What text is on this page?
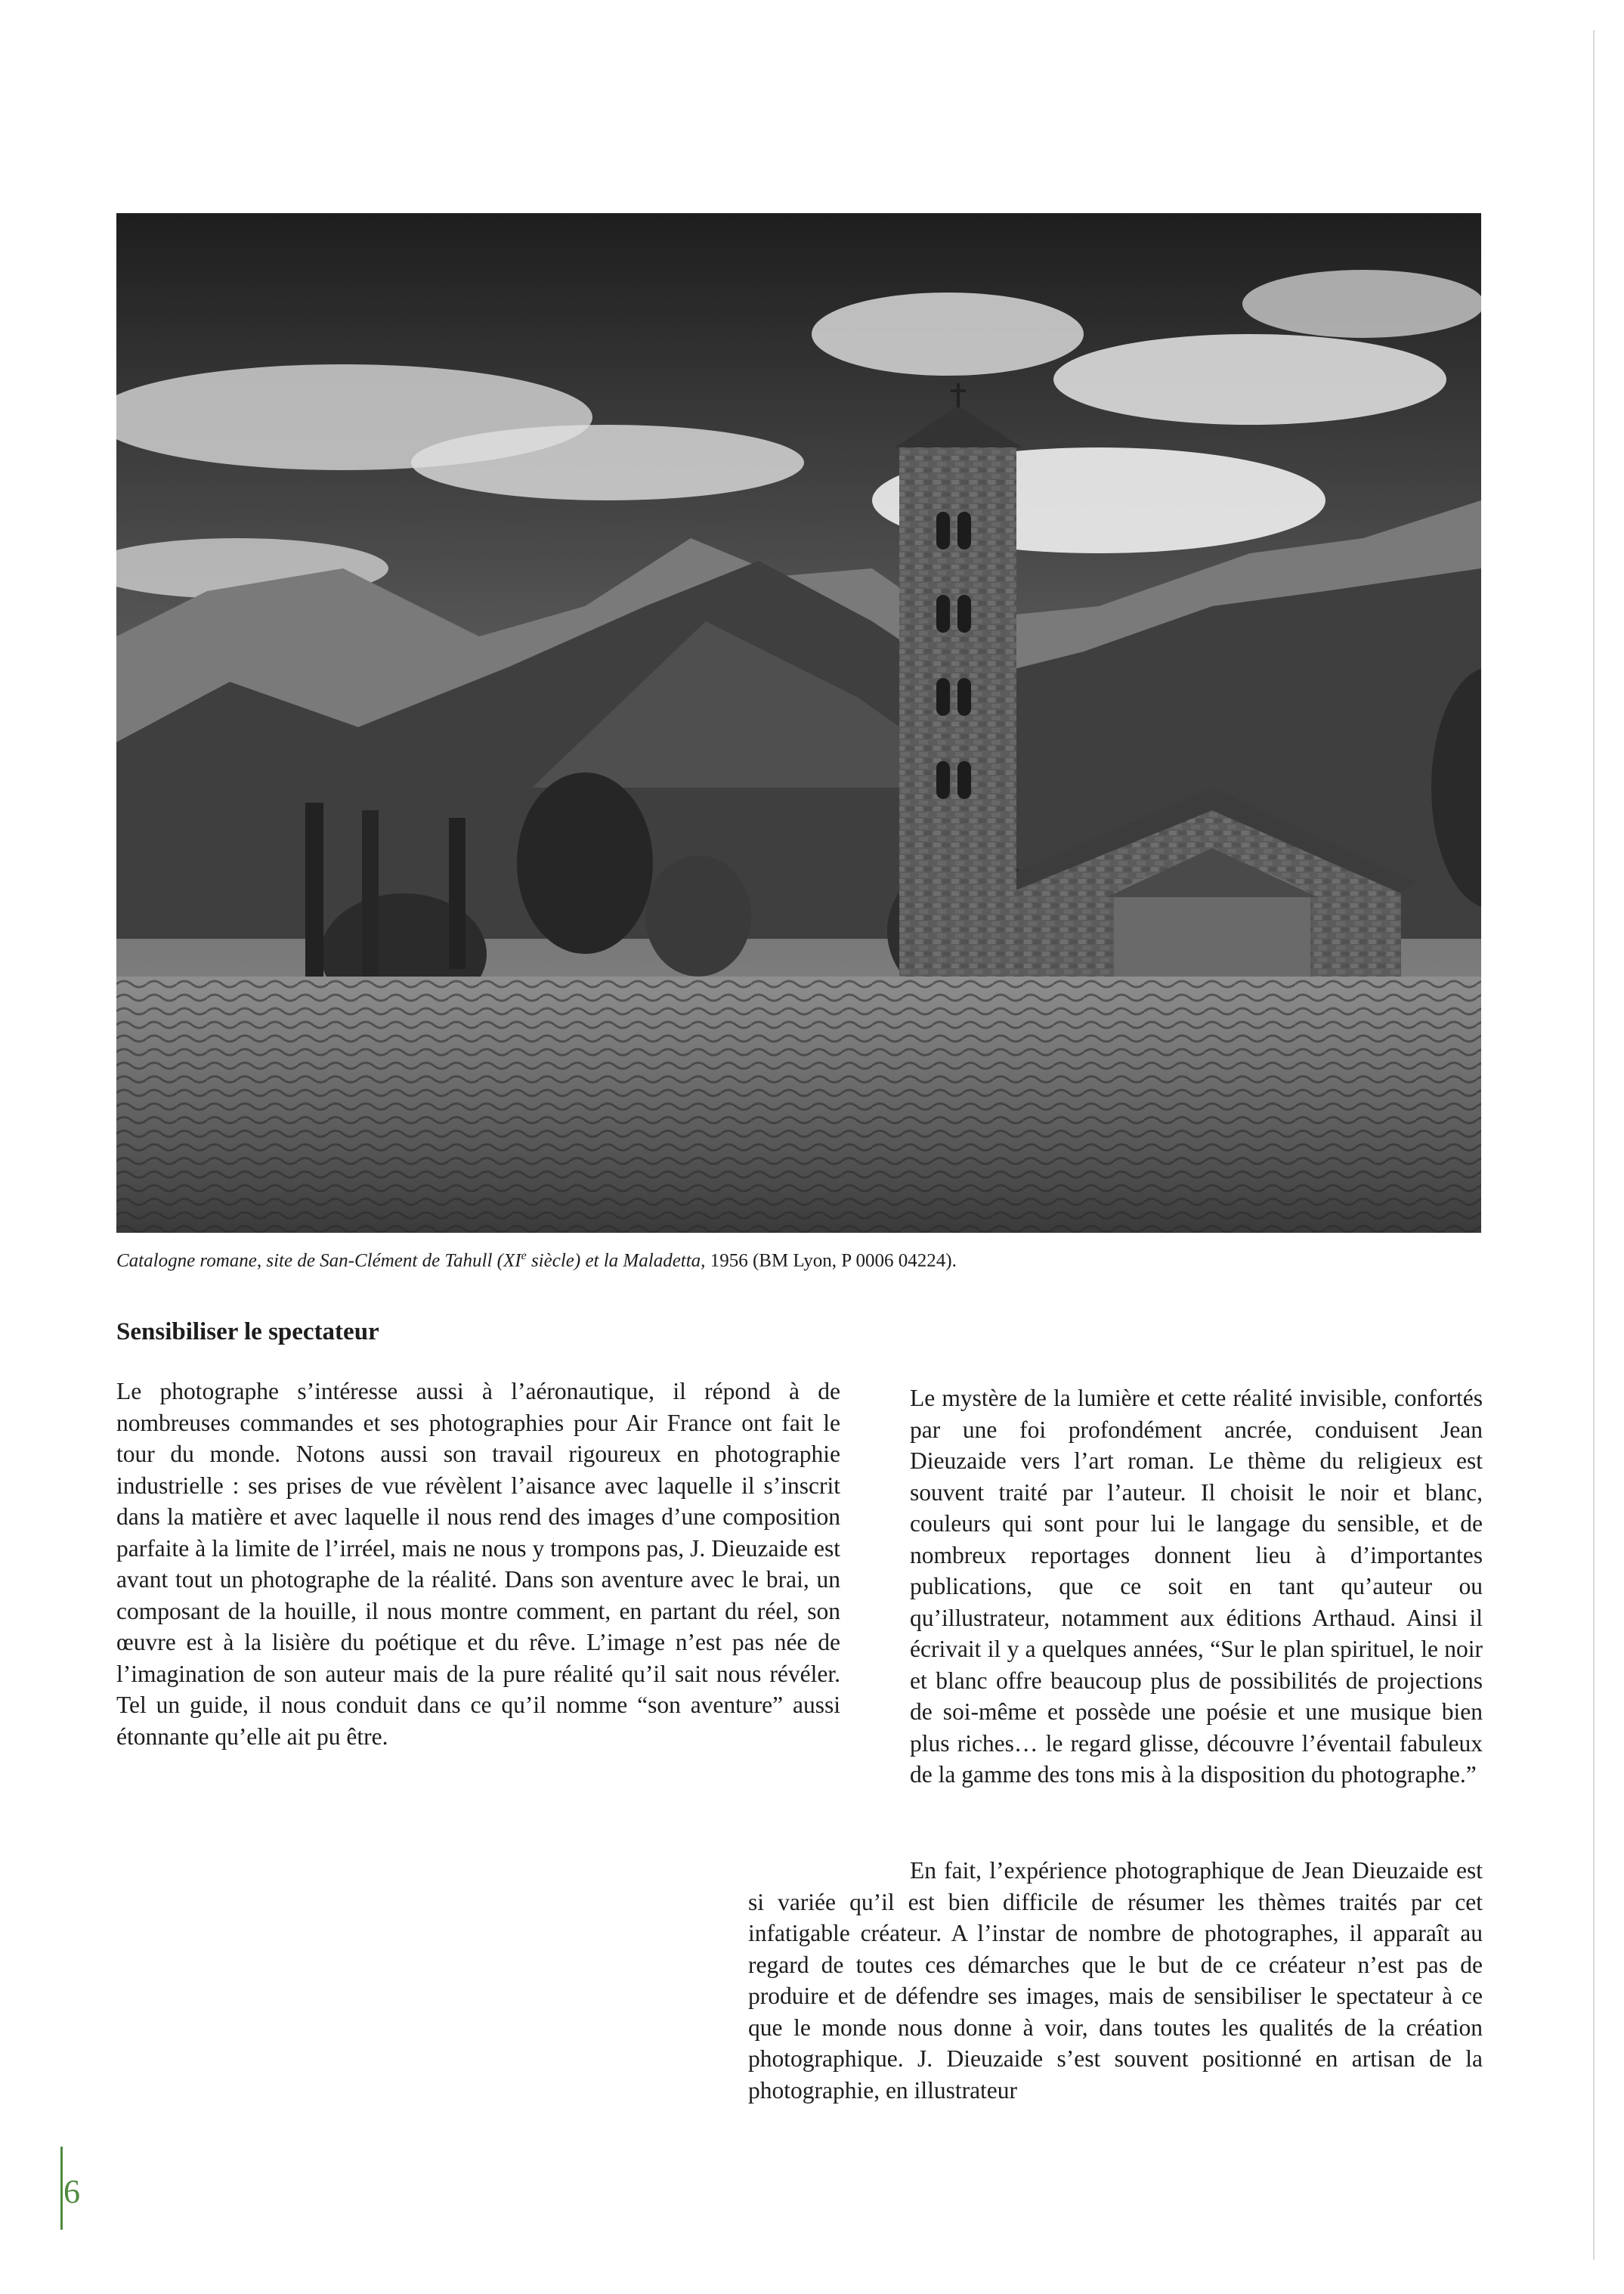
Catalogne romane, site de San-Clément de Tahull (XIe siècle) et la Maladetta, 1956 (BM Lyon, P 0006 04224).
Sensibiliser le spectateur
Le photographe s’intéresse aussi à l’aéronautique, il répond à de nombreuses commandes et ses photographies pour Air France ont fait le tour du monde. Notons aussi son travail rigoureux en photographie industrielle : ses prises de vue révèlent l’aisance avec laquelle il s’inscrit dans la matière et avec laquelle il nous rend des images d’une composition parfaite à la limite de l’irréel, mais ne nous y trompons pas, J. Dieuzaide est avant tout un photographe de la réalité. Dans son aventure avec le brai, un composant de la houille, il nous montre comment, en partant du réel, son œuvre est à la lisière du poétique et du rêve. L’image n’est pas née de l’imagination de son auteur mais de la pure réalité qu’il sait nous révéler. Tel un guide, il nous conduit dans ce qu’il nomme “son aventure” aussi étonnante qu’elle ait pu être.
Le mystère de la lumière et cette réalité invisible, confortés par une foi profondément ancrée, conduisent Jean Dieuzaide vers l’art roman. Le thème du religieux est souvent traité par l’auteur. Il choisit le noir et blanc, couleurs qui sont pour lui le langage du sensible, et de nombreux reportages donnent lieu à d’importantes publications, que ce soit en tant qu’auteur ou qu’illustrateur, notamment aux éditions Arthaud. Ainsi il écrivait il y a quelques années, “Sur le plan spirituel, le noir et blanc offre beaucoup plus de possibilités de projections de soi-même et possède une poésie et une musique bien plus riches… le regard glisse, découvre l’éventail fabuleux de la gamme des tons mis à la disposition du photographe.”
En fait, l’expérience photographique de Jean Dieuzaide est si variée qu’il est bien difficile de résumer les thèmes traités par cet infatigable créateur. A l’instar de nombre de photographes, il apparaît au regard de toutes ces démarches que le but de ce créateur n’est pas de produire et de défendre ses images, mais de sensibiliser le spectateur à ce que le monde nous donne à voir, dans toutes les qualités de la création photographique. J. Dieuzaide s’est souvent positionné en artisan de la photographie, en illustrateur
6
